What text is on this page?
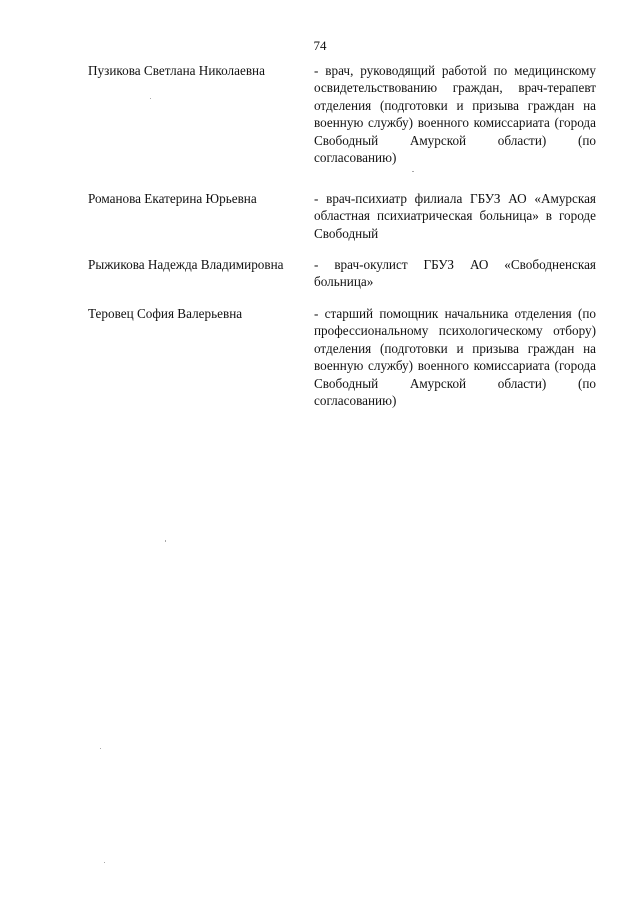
74
Пузикова Светлана Николаевна	- врач, руководящий работой по медицинскому освидетельствованию граждан, врач-терапевт отделения (подготовки и призыва граждан на военную службу) военного комиссариата (города Свободный Амурской области) (по согласованию)
Романова Екатерина Юрьевна	- врач-психиатр филиала ГБУЗ АО «Амурская областная психиатрическая больница» в городе Свободный
Рыжикова Надежда Владимировна	- врач-окулист ГБУЗ АО «Свободненская больница»
Теровец София Валерьевна	- старший помощник начальника отделения (по профессиональному психологическому отбору) отделения (подготовки и призыва граждан на военную службу) военного комиссариата (города Свободный Амурской области) (по согласованию)
